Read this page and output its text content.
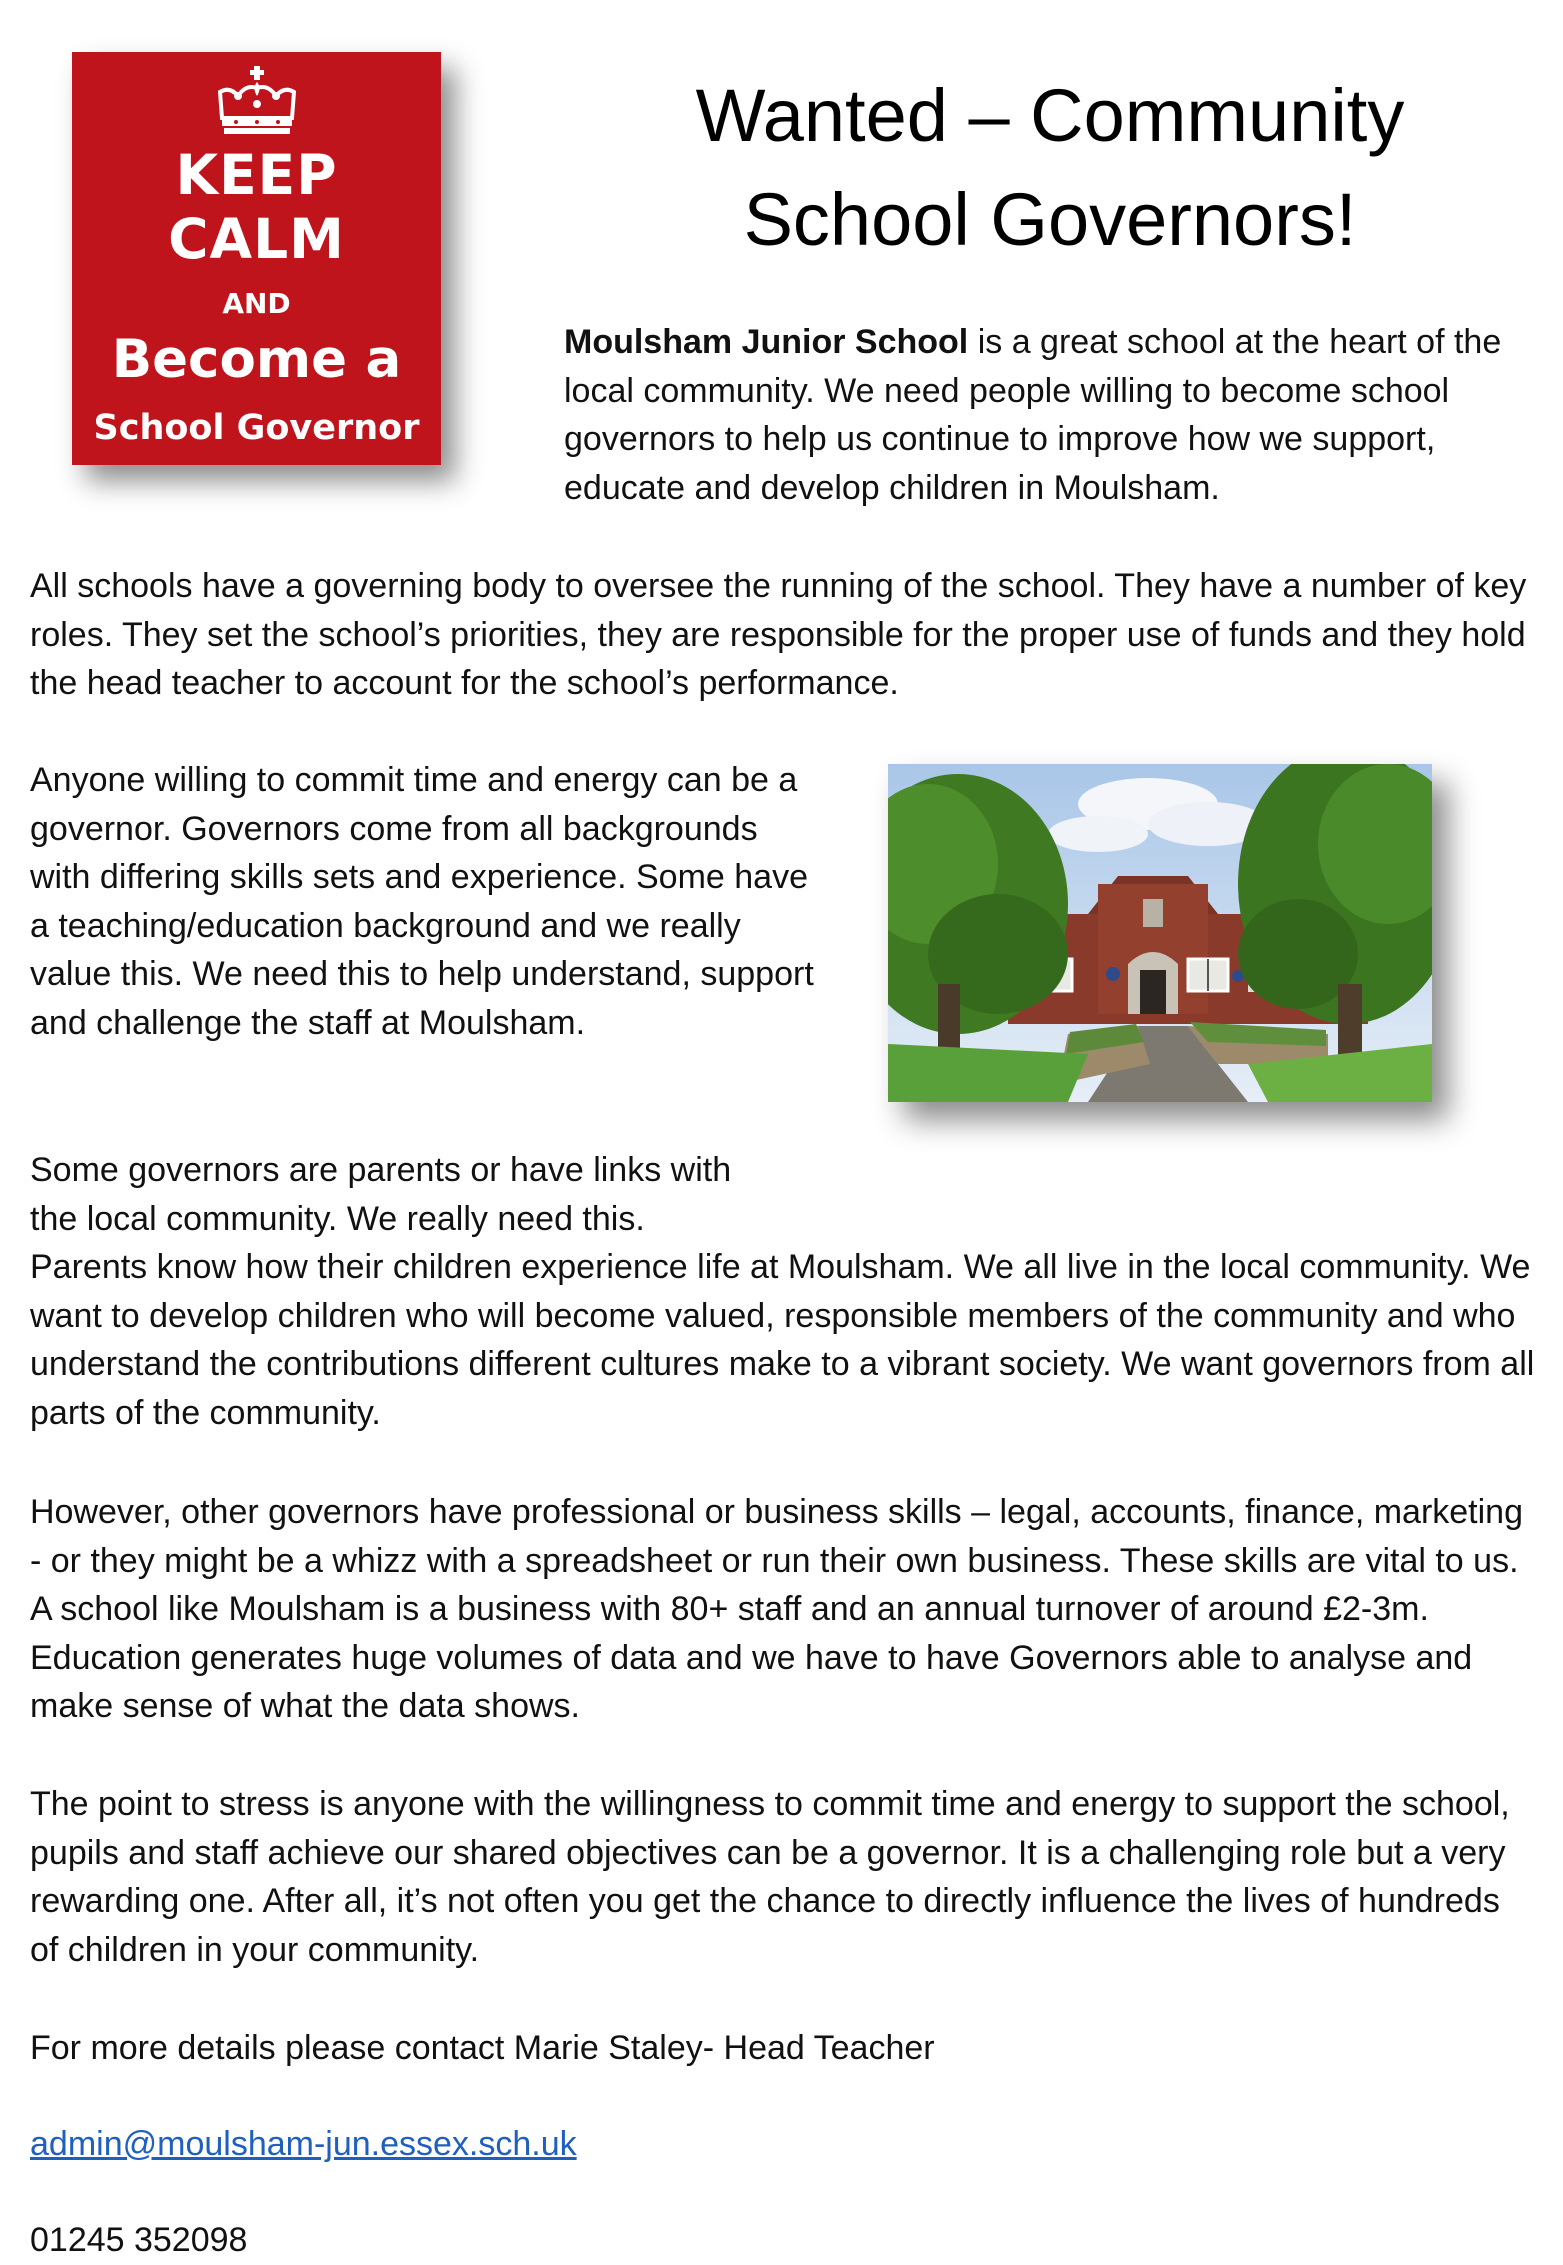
KEEP
CALM
AND
Become a
School Governor
Wanted – Community
School Governors!

Moulsham Junior School is a great school at the heart of the local community. We need people willing to become school governors to help us continue to improve how we support, educate and develop children in Moulsham.

All schools have a governing body to oversee the running of the school. They have a number of key roles. They set the school’s priorities, they are responsible for the proper use of funds and they hold the head teacher to account for the school’s performance.

Anyone willing to commit time and energy can be a governor. Governors come from all backgrounds with differing skills sets and experience. Some have a teaching/education background and we really value this. We need this to help understand, support and challenge the staff at Moulsham.

Some governors are parents or have links with
the local community. We really need this.
Parents know how their children experience life at Moulsham. We all live in the local community. We want to develop children who will become valued, responsible members of the community and who understand the contributions different cultures make to a vibrant society. We want governors from all parts of the community.

However, other governors have professional or business skills – legal, accounts, finance, marketing - or they might be a whizz with a spreadsheet or run their own business. These skills are vital to us. A school like Moulsham is a business with 80+ staff and an annual turnover of around £2-3m. Education generates huge volumes of data and we have to have Governors able to analyse and make sense of what the data shows.

The point to stress is anyone with the willingness to commit time and energy to support the school, pupils and staff achieve our shared objectives can be a governor. It is a challenging role but a very rewarding one. After all, it’s not often you get the chance to directly influence the lives of hundreds of children in your community.

For more details please contact Marie Staley- Head Teacher

admin@moulsham-jun.essex.sch.uk

01245 352098
